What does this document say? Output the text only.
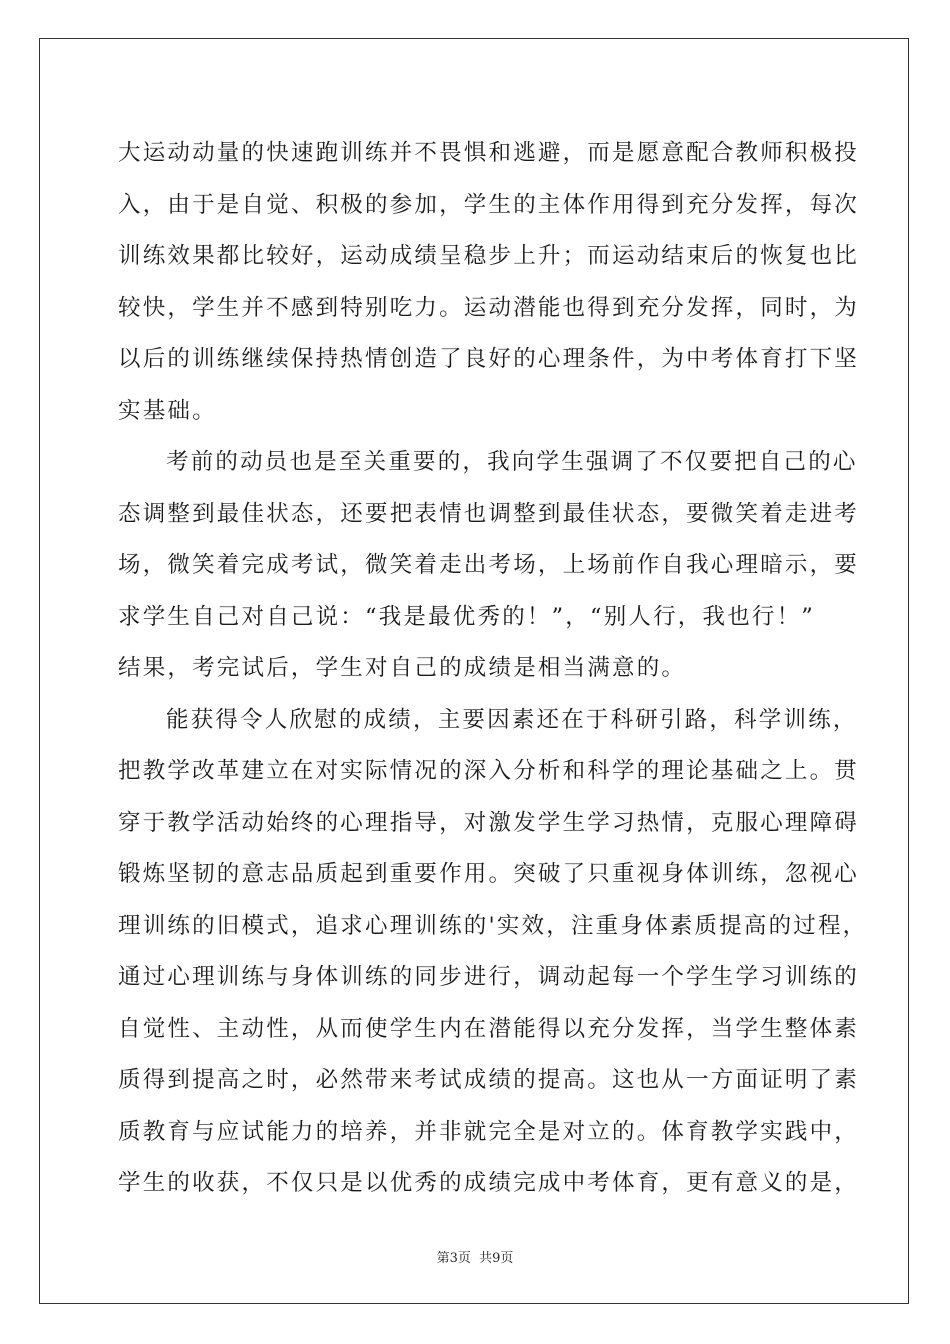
大运动动量的快速跑训练并不畏惧和逃避，而是愿意配合教师积极投
入，由于是自觉、积极的参加，学生的主体作用得到充分发挥，每次
训练效果都比较好，运动成绩呈稳步上升；而运动结束后的恢复也比
较快，学生并不感到特别吃力。运动潜能也得到充分发挥，同时，为
以后的训练继续保持热情创造了良好的心理条件，为中考体育打下坚
实基础。
考前的动员也是至关重要的，我向学生强调了不仅要把自己的心
态调整到最佳状态，还要把表情也调整到最佳状态，要微笑着走进考
场，微笑着完成考试，微笑着走出考场，上场前作自我心理暗示，要
求学生自己对自己说：“我是最优秀的！”，“别人行，我也行！”
结果，考完试后，学生对自己的成绩是相当满意的。
能获得令人欣慰的成绩，主要因素还在于科研引路，科学训练，
把教学改革建立在对实际情况的深入分析和科学的理论基础之上。贯
穿于教学活动始终的心理指导，对激发学生学习热情，克服心理障碍
锻炼坚韧的意志品质起到重要作用。突破了只重视身体训练，忽视心
理训练的旧模式，追求心理训练的'实效，注重身体素质提高的过程，
通过心理训练与身体训练的同步进行，调动起每一个学生学习训练的
自觉性、主动性，从而使学生内在潜能得以充分发挥，当学生整体素
质得到提高之时，必然带来考试成绩的提高。这也从一方面证明了素
质教育与应试能力的培养，并非就完全是对立的。体育教学实践中，
学生的收获，不仅只是以优秀的成绩完成中考体育，更有意义的是，
第3页 共9页
